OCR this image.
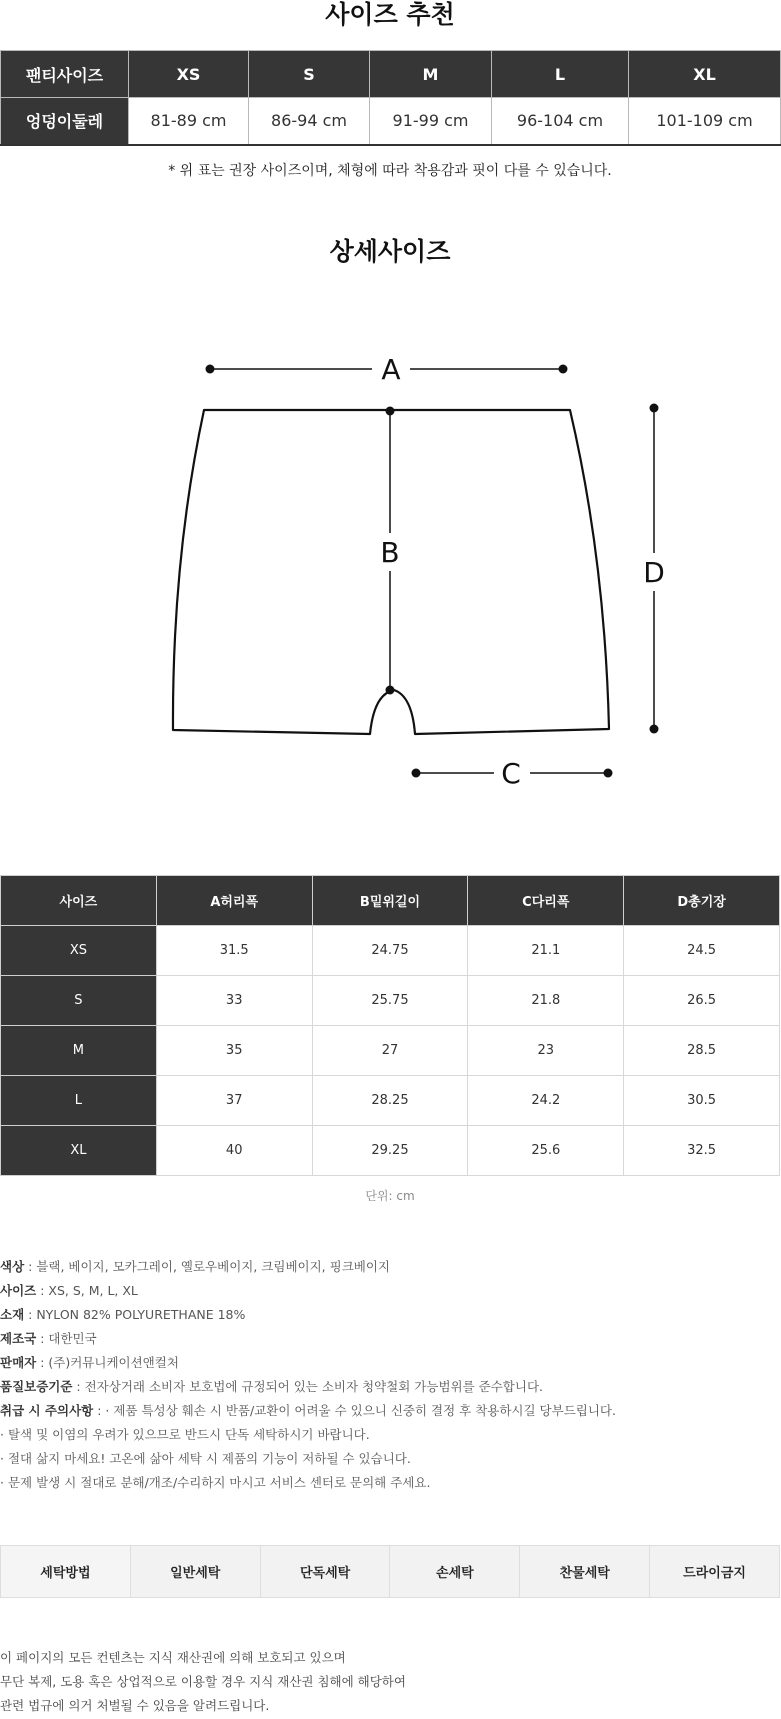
사이즈 추천
팬티사이즈	XS	S	M	L	XL
엉덩이둘레	81-89 cm	86-94 cm	91-99 cm	96-104 cm	101-109 cm
* 위 표는 권장 사이즈이며, 체형에 따라 착용감과 핏이 다를 수 있습니다.
상세사이즈
A
B
D
C
사이즈	A허리폭	B밑위길이	C다리폭	D총기장
XS	31.5	24.75	21.1	24.5
S	33	25.75	21.8	26.5
M	35	27	23	28.5
L	37	28.25	24.2	30.5
XL	40	29.25	25.6	32.5
단위: cm
색상 : 블랙, 베이지, 모카그레이, 옐로우베이지, 크림베이지, 핑크베이지
사이즈 : XS, S, M, L, XL
소재 : NYLON 82% POLYURETHANE 18%
제조국 : 대한민국
판매자 : (주)커뮤니케이션앤컬처
품질보증기준 : 전자상거래 소비자 보호법에 규정되어 있는 소비자 청약철회 가능범위를 준수합니다.
취급 시 주의사항 : · 제품 특성상 훼손 시 반품/교환이 어려울 수 있으니 신중히 결정 후 착용하시길 당부드립니다.
· 탈색 및 이염의 우려가 있으므로 반드시 단독 세탁하시기 바랍니다.
· 절대 삶지 마세요! 고온에 삶아 세탁 시 제품의 기능이 저하될 수 있습니다.
· 문제 발생 시 절대로 분해/개조/수리하지 마시고 서비스 센터로 문의해 주세요.
세탁방법	일반세탁	단독세탁	손세탁	찬물세탁	드라이금지
이 페이지의 모든 컨텐츠는 지식 재산권에 의해 보호되고 있으며
무단 복제, 도용 혹은 상업적으로 이용할 경우 지식 재산권 침해에 해당하여
관련 법규에 의거 처벌될 수 있음을 알려드립니다.
